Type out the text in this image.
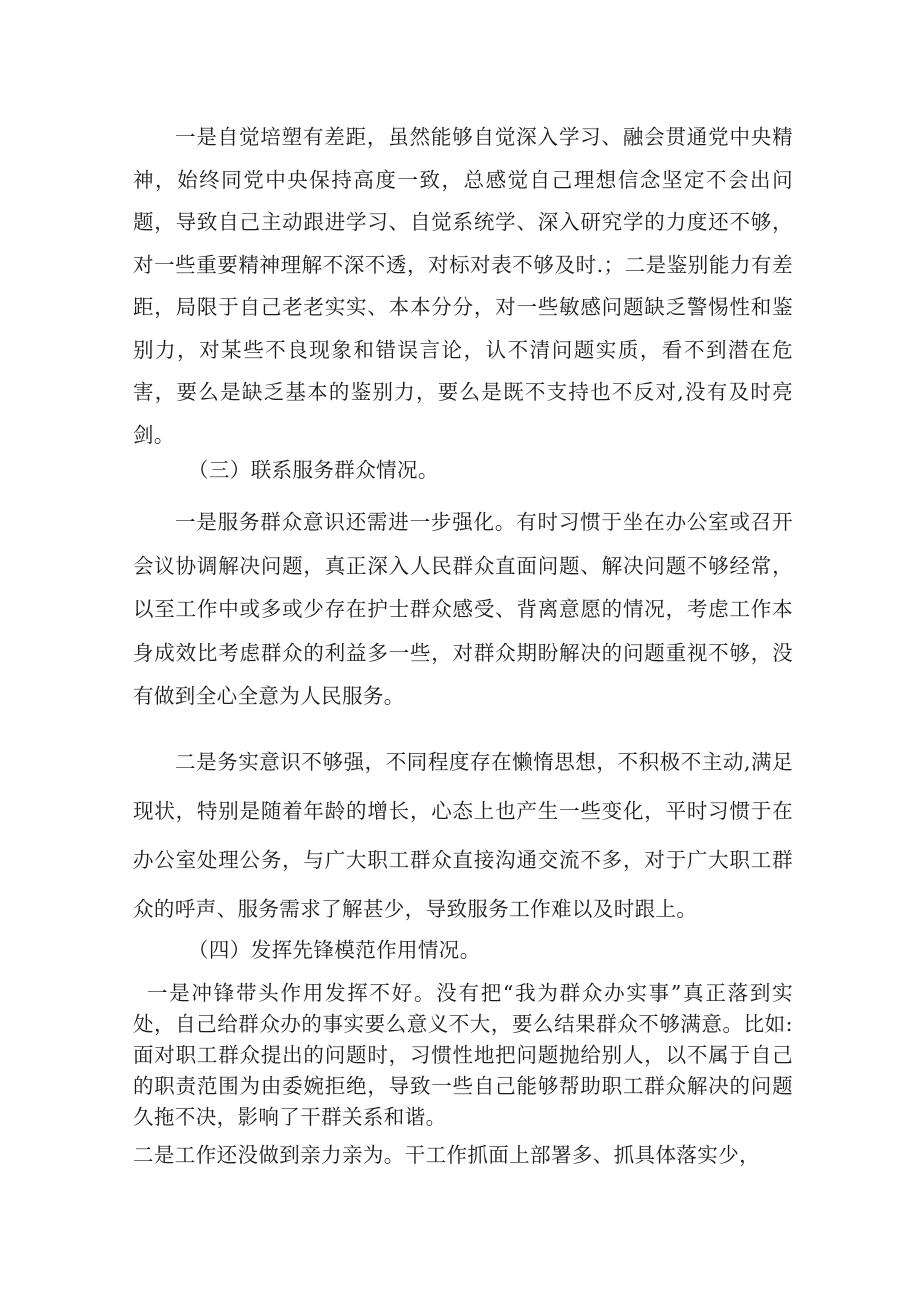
一是自觉培塑有差距，虽然能够自觉深入学习、融会贯通党中央精神，始终同党中央保持高度一致，总感觉自己理想信念坚定不会出问题，导致自己主动跟进学习、自觉系统学、深入研究学的力度还不够，对一些重要精神理解不深不透，对标对表不够及时.；二是鉴别能力有差距，局限于自己老老实实、本本分分，对一些敏感问题缺乏警惕性和鉴别力，对某些不良现象和错误言论，认不清问题实质，看不到潜在危害，要么是缺乏基本的鉴别力，要么是既不支持也不反对,没有及时亮剑。

（三）联系服务群众情况。

一是服务群众意识还需进一步强化。有时习惯于坐在办公室或召开会议协调解决问题，真正深入人民群众直面问题、解决问题不够经常，以至工作中或多或少存在护士群众感受、背离意愿的情况，考虑工作本身成效比考虑群众的利益多一些，对群众期盼解决的问题重视不够，没有做到全心全意为人民服务。

二是务实意识不够强，不同程度存在懒惰思想，不积极不主动,满足现状，特别是随着年龄的增长，心态上也产生一些变化，平时习惯于在办公室处理公务，与广大职工群众直接沟通交流不多，对于广大职工群众的呼声、服务需求了解甚少，导致服务工作难以及时跟上。

（四）发挥先锋模范作用情况。

一是冲锋带头作用发挥不好。没有把“我为群众办实事”真正落到实处，自己给群众办的事实要么意义不大，要么结果群众不够满意。比如:面对职工群众提出的问题时，习惯性地把问题抛给别人，以不属于自己的职责范围为由委婉拒绝，导致一些自己能够帮助职工群众解决的问题久拖不决，影响了干群关系和谐。

二是工作还没做到亲力亲为。干工作抓面上部署多、抓具体落实少，
